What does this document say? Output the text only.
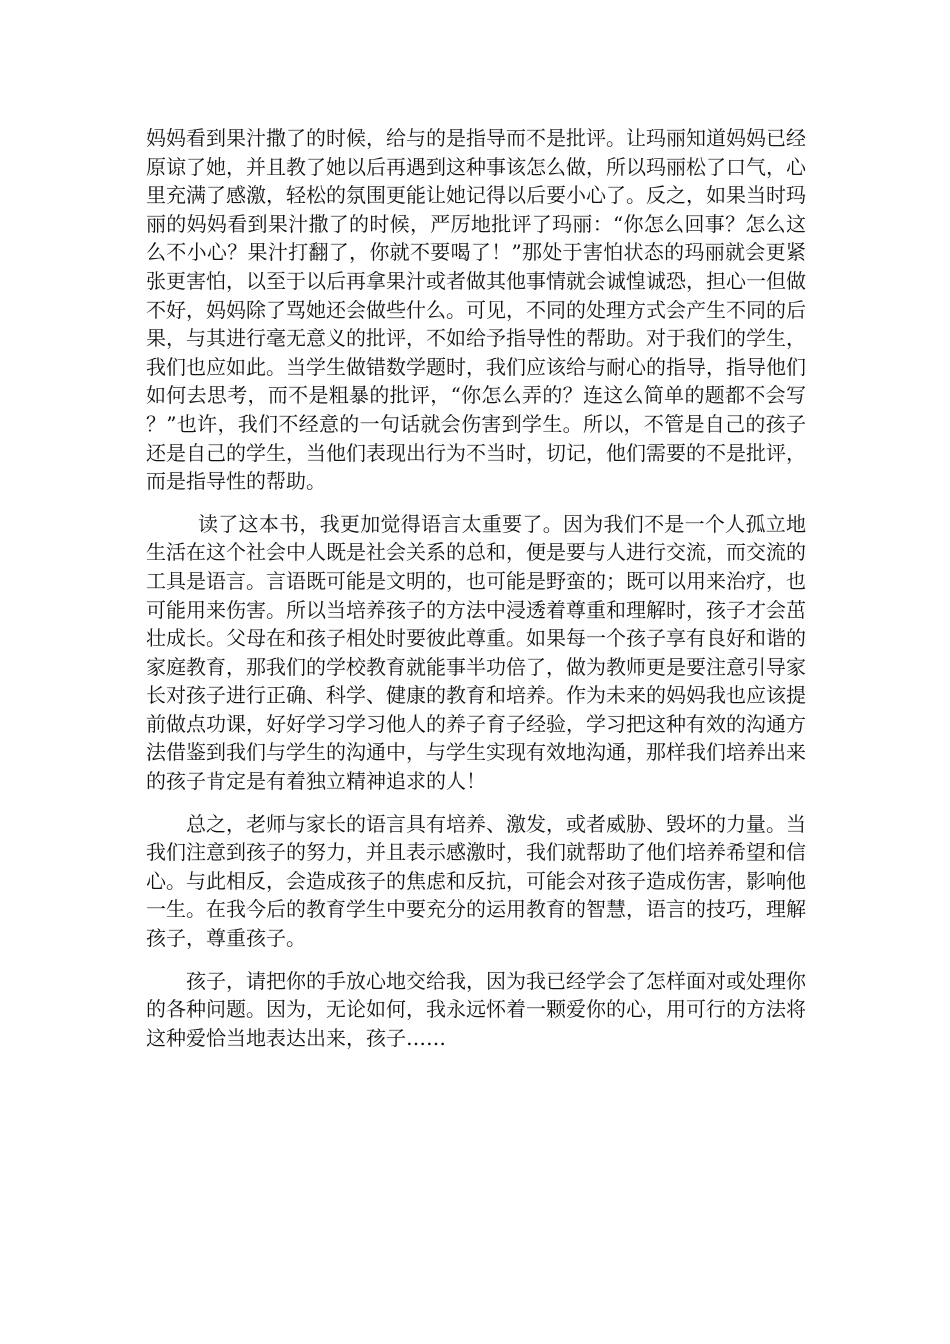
妈妈看到果汁撒了的时候，给与的是指导而不是批评。让玛丽知道妈妈已经原谅了她，并且教了她以后再遇到这种事该怎么做，所以玛丽松了口气，心里充满了感激，轻松的氛围更能让她记得以后要小心了。反之，如果当时玛丽的妈妈看到果汁撒了的时候，严厉地批评了玛丽：“你怎么回事？怎么这么不小心？果汁打翻了，你就不要喝了！”那处于害怕状态的玛丽就会更紧张更害怕，以至于以后再拿果汁或者做其他事情就会诚惶诚恐，担心一但做不好，妈妈除了骂她还会做些什么。可见，不同的处理方式会产生不同的后果，与其进行毫无意义的批评，不如给予指导性的帮助。对于我们的学生，我们也应如此。当学生做错数学题时，我们应该给与耐心的指导，指导他们如何去思考，而不是粗暴的批评，“你怎么弄的？连这么简单的题都不会写？”也许，我们不经意的一句话就会伤害到学生。所以，不管是自己的孩子还是自己的学生，当他们表现出行为不当时，切记，他们需要的不是批评，而是指导性的帮助。

读了这本书，我更加觉得语言太重要了。因为我们不是一个人孤立地生活在这个社会中人既是社会关系的总和，便是要与人进行交流，而交流的工具是语言。言语既可能是文明的，也可能是野蛮的；既可以用来治疗，也可能用来伤害。所以当培养孩子的方法中浸透着尊重和理解时，孩子才会茁壮成长。父母在和孩子相处时要彼此尊重。如果每一个孩子享有良好和谐的家庭教育，那我们的学校教育就能事半功倍了，做为教师更是要注意引导家长对孩子进行正确、科学、健康的教育和培养。作为未来的妈妈我也应该提前做点功课，好好学习学习他人的养子育子经验，学习把这种有效的沟通方法借鉴到我们与学生的沟通中，与学生实现有效地沟通，那样我们培养出来的孩子肯定是有着独立精神追求的人！

总之，老师与家长的语言具有培养、激发，或者威胁、毁坏的力量。当我们注意到孩子的努力，并且表示感激时，我们就帮助了他们培养希望和信心。与此相反，会造成孩子的焦虑和反抗，可能会对孩子造成伤害，影响他一生。在我今后的教育学生中要充分的运用教育的智慧，语言的技巧，理解孩子，尊重孩子。

孩子，请把你的手放心地交给我，因为我已经学会了怎样面对或处理你的各种问题。因为，无论如何，我永远怀着一颗爱你的心，用可行的方法将这种爱恰当地表达出来，孩子……
